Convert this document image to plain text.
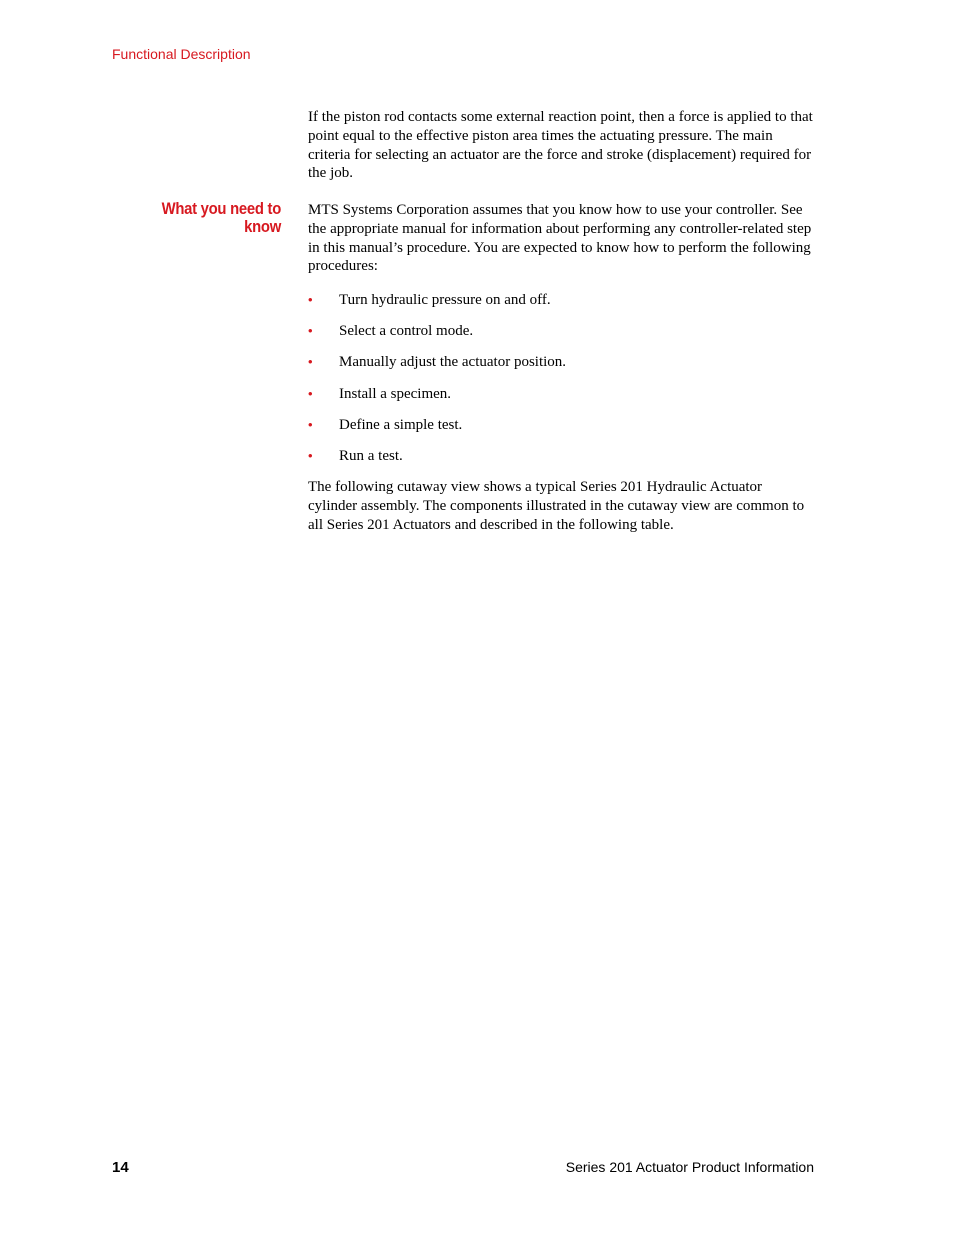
Functional Description

If the piston rod contacts some external reaction point, then a force is applied to that point equal to the effective piston area times the actuating pressure. The main criteria for selecting an actuator are the force and stroke (displacement) required for the job.

What you need to
know

MTS Systems Corporation assumes that you know how to use your controller. See the appropriate manual for information about performing any controller-related step in this manual’s procedure. You are expected to know how to perform the following procedures:

• Turn hydraulic pressure on and off.
• Select a control mode.
• Manually adjust the actuator position.
• Install a specimen.
• Define a simple test.
• Run a test.

The following cutaway view shows a typical Series 201 Hydraulic Actuator cylinder assembly. The components illustrated in the cutaway view are common to all Series 201 Actuators and described in the following table.

14	Series 201 Actuator Product Information
